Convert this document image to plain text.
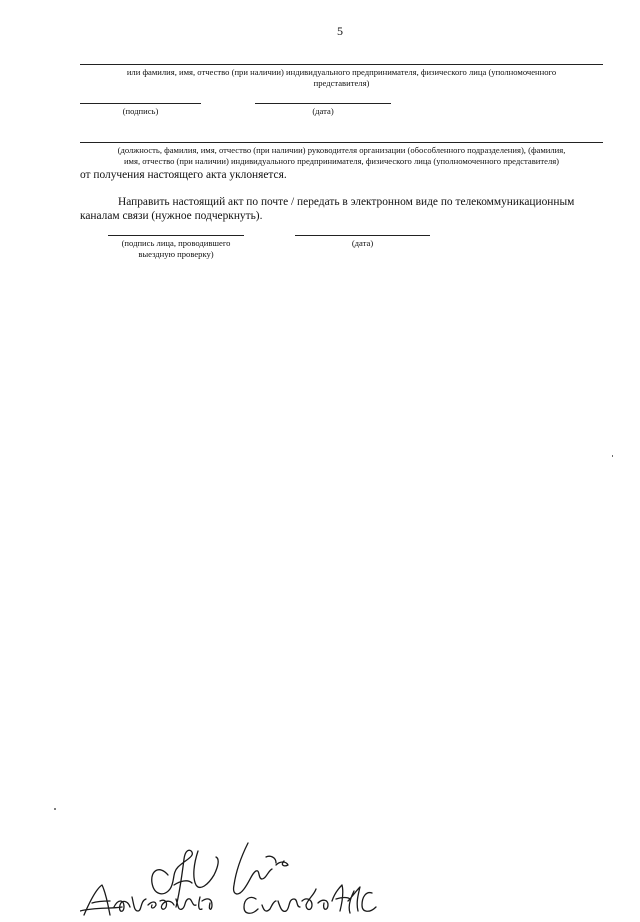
5
или фамилия, имя, отчество (при наличии) индивидуального предпринимателя, физического лица (уполномоченного
представителя)
(подпись)	(дата)
(должность, фамилия, имя, отчество (при наличии) руководителя организации (обособленного подразделения), (фамилия,
имя, отчество (при наличии) индивидуального предпринимателя, физического лица (уполномоченного представителя)
от получения настоящего акта уклоняется.
Направить настоящий акт по почте / передать в электронном виде по телекоммуникационным каналам связи (нужное подчеркнуть).
(подпись лица, проводившего
выездную проверку)
(дата)
